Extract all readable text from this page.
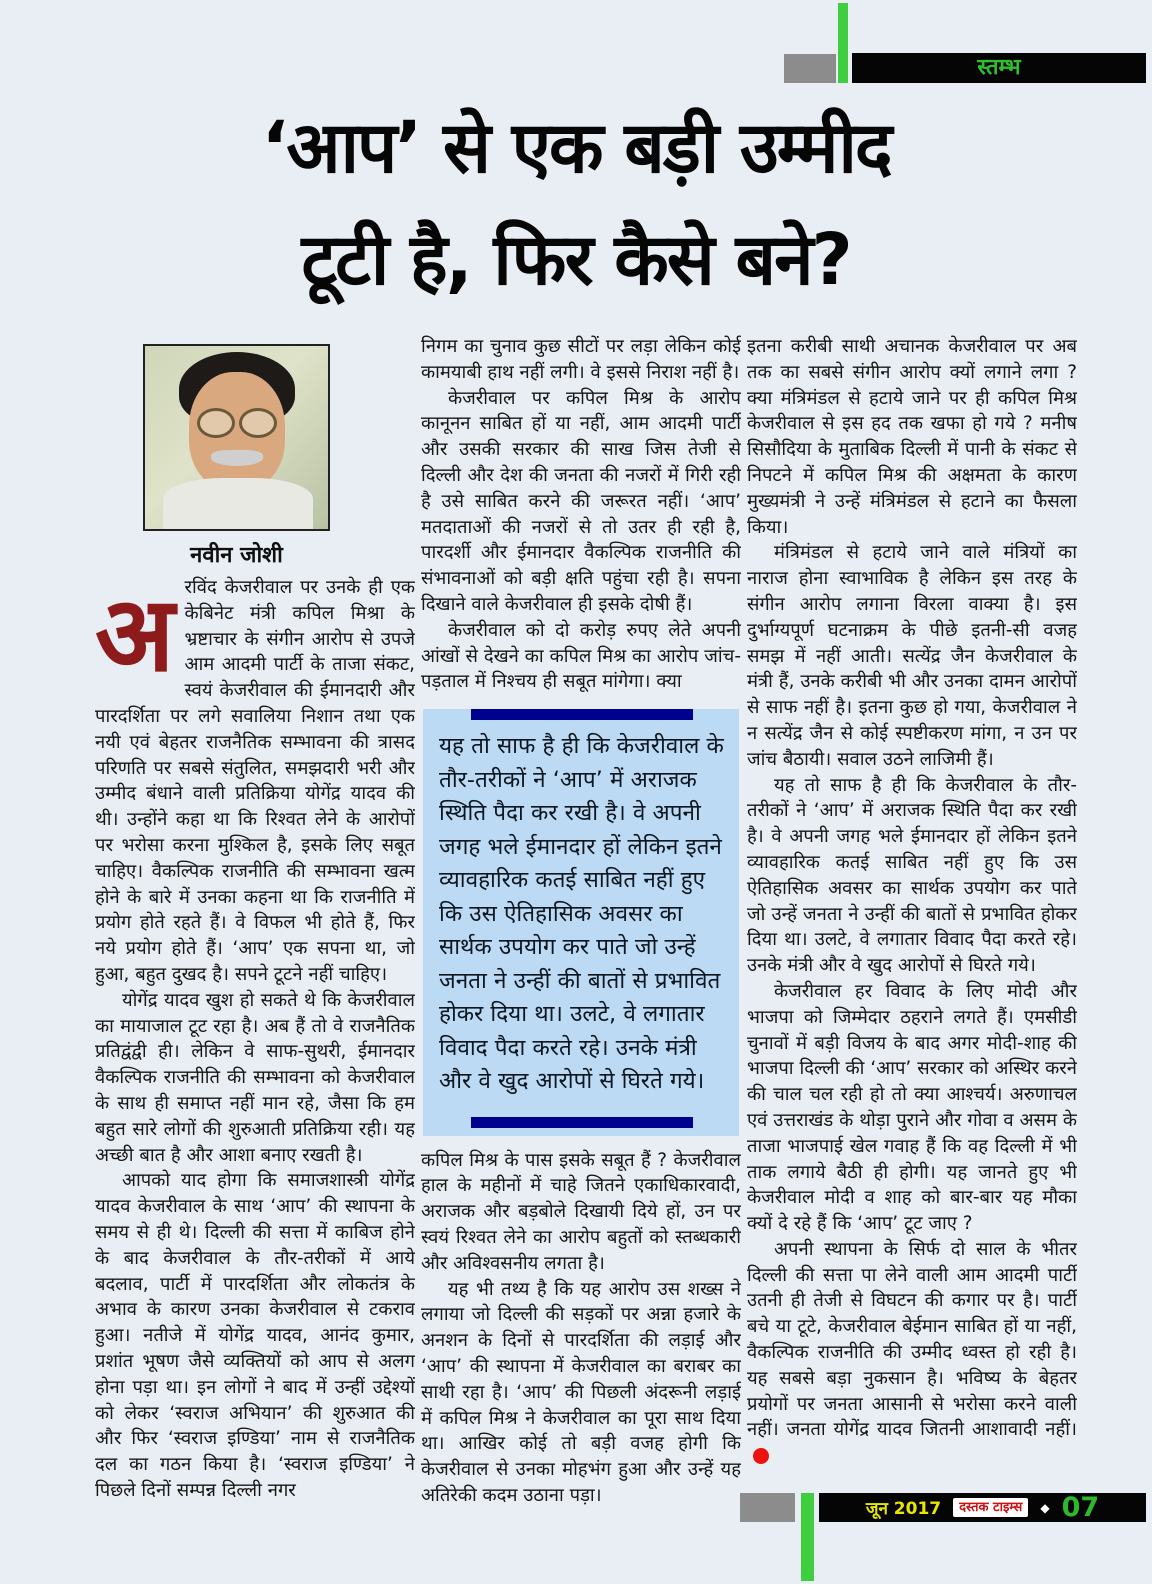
स्तम्भ
‘आप’ से एक बड़ी उम्मीद
टूटी है, फिर कैसे बने?
नवीन जोशी

अरविंद केजरीवाल पर उनके ही एक केबिनेट मंत्री कपिल मिश्रा के भ्रष्टाचार के संगीन आरोप से उपजे आम आदमी पार्टी के ताजा संकट, स्वयं केजरीवाल की ईमानदारी और पारदर्शिता पर लगे सवालिया निशान तथा एक नयी एवं बेहतर राजनैतिक सम्भावना की त्रासद परिणति पर सबसे संतुलित, समझदारी भरी और उम्मीद बंधाने वाली प्रतिक्रिया योगेंद्र यादव की थी। उन्होंने कहा था कि रिश्वत लेने के आरोपों पर भरोसा करना मुश्किल है, इसके लिए सबूत चाहिए। वैकल्पिक राजनीति की सम्भावना खत्म होने के बारे में उनका कहना था कि राजनीति में प्रयोग होते रहते हैं। वे विफल भी होते हैं, फिर नये प्रयोग होते हैं। ‘आप’ एक सपना था, जो हुआ, बहुत दुखद है। सपने टूटने नहीं चाहिए।

योगेंद्र यादव खुश हो सकते थे कि केजरीवाल का मायाजाल टूट रहा है। अब हैं तो वे राजनैतिक प्रतिद्वंद्वी ही। लेकिन वे साफ-सुथरी, ईमानदार वैकल्पिक राजनीति की सम्भावना को केजरीवाल के साथ ही समाप्त नहीं मान रहे, जैसा कि हम बहुत सारे लोगों की शुरुआती प्रतिक्रिया रही। यह अच्छी बात है और आशा बनाए रखती है।

आपको याद होगा कि समाजशास्त्री योगेंद्र यादव केजरीवाल के साथ ‘आप’ की स्थापना के समय से ही थे। दिल्ली की सत्ता में काबिज होने के बाद केजरीवाल के तौर-तरीकों में आये बदलाव, पार्टी में पारदर्शिता और लोकतंत्र के अभाव के कारण उनका केजरीवाल से टकराव हुआ। नतीजे में योगेंद्र यादव, आनंद कुमार, प्रशांत भूषण जैसे व्यक्तियों को आप से अलग होना पड़ा था। इन लोगों ने बाद में उन्हीं उद्देश्यों को लेकर ‘स्वराज अभियान’ की शुरुआत की और फिर ‘स्वराज इण्डिया’ नाम से राजनैतिक दल का गठन किया है। ‘स्वराज इण्डिया’ ने पिछले दिनों सम्पन्न दिल्ली नगर

निगम का चुनाव कुछ सीटों पर लड़ा लेकिन कोई कामयाबी हाथ नहीं लगी। वे इससे निराश नहीं है।

केजरीवाल पर कपिल मिश्र के आरोप कानूनन साबित हों या नहीं, आम आदमी पार्टी और उसकी सरकार की साख जिस तेजी से दिल्ली और देश की जनता की नजरों में गिरी रही है उसे साबित करने की जरूरत नहीं। ‘आप’ मतदाताओं की नजरों से तो उतर ही रही है, पारदर्शी और ईमानदार वैकल्पिक राजनीति की संभावनाओं को बड़ी क्षति पहुंचा रही है। सपना दिखाने वाले केजरीवाल ही इसके दोषी हैं।

केजरीवाल को दो करोड़ रुपए लेते अपनी आंखों से देखने का कपिल मिश्र का आरोप जांच-पड़ताल में निश्चय ही सबूत मांगेगा। क्या

यह तो साफ है ही कि केजरीवाल के तौर-तरीकों ने ‘आप’ में अराजक स्थिति पैदा कर रखी है। वे अपनी जगह भले ईमानदार हों लेकिन इतने व्यावहारिक कतई साबित नहीं हुए कि उस ऐतिहासिक अवसर का सार्थक उपयोग कर पाते जो उन्हें जनता ने उन्हीं की बातों से प्रभावित होकर दिया था। उलटे, वे लगातार विवाद पैदा करते रहे। उनके मंत्री और वे खुद आरोपों से घिरते गये।

कपिल मिश्र के पास इसके सबूत हैं ? केजरीवाल हाल के महीनों में चाहे जितने एकाधिकारवादी, अराजक और बड़बोले दिखायी दिये हों, उन पर स्वयं रिश्वत लेने का आरोप बहुतों को स्तब्धकारी और अविश्वसनीय लगता है।

यह भी तथ्य है कि यह आरोप उस शख्स ने लगाया जो दिल्ली की सड़कों पर अन्ना हजारे के अनशन के दिनों से पारदर्शिता की लड़ाई और ‘आप’ की स्थापना में केजरीवाल का बराबर का साथी रहा है। ‘आप’ की पिछली अंदरूनी लड़ाई में कपिल मिश्र ने केजरीवाल का पूरा साथ दिया था। आखिर कोई तो बड़ी वजह होगी कि केजरीवाल से उनका मोहभंग हुआ और उन्हें यह अतिरेकी कदम उठाना पड़ा।

इतना करीबी साथी अचानक केजरीवाल पर अब तक का सबसे संगीन आरोप क्यों लगाने लगा ? क्या मंत्रिमंडल से हटाये जाने पर ही कपिल मिश्र केजरीवाल से इस हद तक खफा हो गये ? मनीष सिसौदिया के मुताबिक दिल्ली में पानी के संकट से निपटने में कपिल मिश्र की अक्षमता के कारण मुख्यमंत्री ने उन्हें मंत्रिमंडल से हटाने का फैसला किया।

मंत्रिमंडल से हटाये जाने वाले मंत्रियों का नाराज होना स्वाभाविक है लेकिन इस तरह के संगीन आरोप लगाना विरला वाक्या है। इस दुर्भाग्यपूर्ण घटनाक्रम के पीछे इतनी-सी वजह समझ में नहीं आती। सत्येंद्र जैन केजरीवाल के मंत्री हैं, उनके करीबी भी और उनका दामन आरोपों से साफ नहीं है। इतना कुछ हो गया, केजरीवाल ने न सत्येंद्र जैन से कोई स्पष्टीकरण मांगा, न उन पर जांच बैठायी। सवाल उठने लाजिमी हैं।

यह तो साफ है ही कि केजरीवाल के तौर-तरीकों ने ‘आप’ में अराजक स्थिति पैदा कर रखी है। वे अपनी जगह भले ईमानदार हों लेकिन इतने व्यावहारिक कतई साबित नहीं हुए कि उस ऐतिहासिक अवसर का सार्थक उपयोग कर पाते जो उन्हें जनता ने उन्हीं की बातों से प्रभावित होकर दिया था। उलटे, वे लगातार विवाद पैदा करते रहे। उनके मंत्री और वे खुद आरोपों से घिरते गये।

केजरीवाल हर विवाद के लिए मोदी और भाजपा को जिम्मेदार ठहराने लगते हैं। एमसीडी चुनावों में बड़ी विजय के बाद अगर मोदी-शाह की भाजपा दिल्ली की ‘आप’ सरकार को अस्थिर करने की चाल चल रही हो तो क्या आश्चर्य। अरुणाचल एवं उत्तराखंड के थोड़ा पुराने और गोवा व असम के ताजा भाजपाई खेल गवाह हैं कि वह दिल्ली में भी ताक लगाये बैठी ही होगी। यह जानते हुए भी केजरीवाल मोदी व शाह को बार-बार यह मौका क्यों दे रहे हैं कि ‘आप’ टूट जाए ?

अपनी स्थापना के सिर्फ दो साल के भीतर दिल्ली की सत्ता पा लेने वाली आम आदमी पार्टी उतनी ही तेजी से विघटन की कगार पर है। पार्टी बचे या टूटे, केजरीवाल बेईमान साबित हों या नहीं, वैकल्पिक राजनीति की उम्मीद ध्वस्त हो रही है। यह सबसे बड़ा नुकसान है। भविष्य के बेहतर प्रयोगों पर जनता आसानी से भरोसा करने वाली नहीं। जनता योगेंद्र यादव जितनी आशावादी नहीं।

जून 2017	दस्तक टाइम्स	◆ 07
